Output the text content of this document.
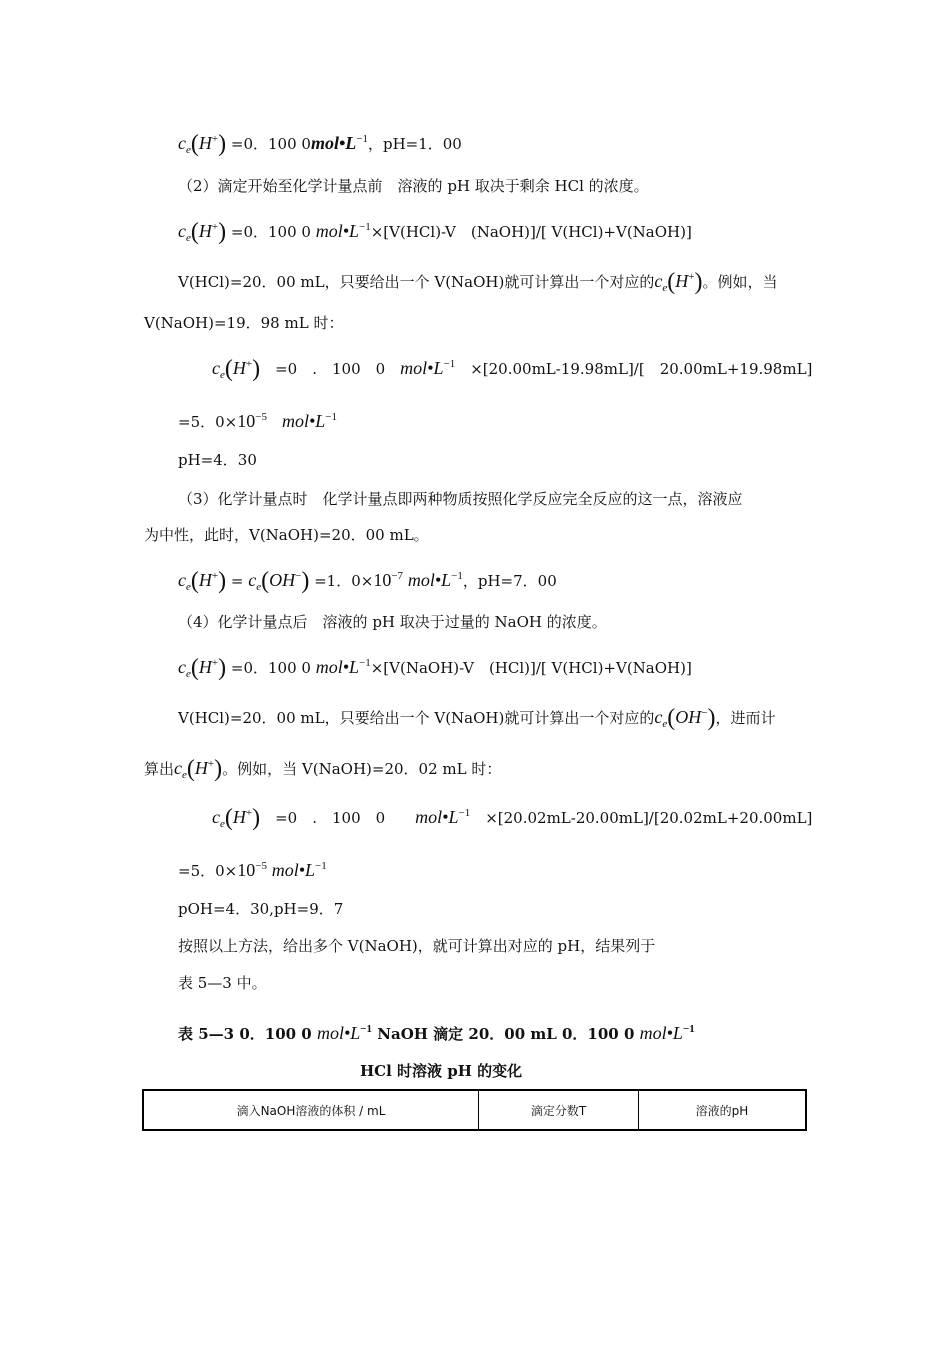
$c_e(H^+) =0$．100 $0mol•L^{-1}$，pH=1．00
（2）滴定开始至化学计量点前　溶液的 pH 取决于剩余 HCl 的浓度。
$c_e(H^+) =0$．100 0 $mol•L^{-1}\times[V(HCl)-V$　(NaOH)]/[ V(HCl)+V(NaOH)]
V(HCl)=20．00 mL，只要给出一个 V(NaOH)就可计算出一个对应的$c_e(H^+)$。例如，当
V(NaOH)=19．98 mL 时：
$c_e(H^+)$　=0　.　100　0　$mol•L^{-1}$　×[20.00mL-19.98mL]/[　20.00mL+19.98mL]
=5．$0\times 10^{-5}$　 $mol•L^{-1}$
pH=4．30
（3）化学计量点时　化学计量点即两种物质按照化学反应完全反应的这一点，溶液应
为中性，此时，V(NaOH)=20．00 mL。
$c_e(H^+) = c_e(OH^-) =1$．$0\times 10^{-7}$ $mol•L^{-1}$，pH=7．00
（4）化学计量点后　溶液的 pH 取决于过量的 NaOH 的浓度。
$c_e(H^+) =0$．100 0 $mol•L^{-1}\times[V(NaOH)-V$　(HCl)]/[ V(HCl)+V(NaOH)]
V(HCl)=20．00 mL，只要给出一个 V(NaOH)就可计算出一个对应的$c_e(OH^-)$，进而计
算出$c_e(H^+)$。例如，当 V(NaOH)=20．02 mL 时：
$c_e(H^+)$　=0　.　100　0　　$mol•L^{-1}$　×[20.02mL-20.00mL]/[20.02mL+20.00mL]
=5．$0\times 10^{-5}$ $mol•L^{-1}$
pOH=4．30,pH=9．7
按照以上方法，给出多个 V(NaOH)，就可计算出对应的 pH，结果列于
表 5—3 中。
表 5—3 0．100 0 $mol•L^{-1}$ NaOH 滴定 20．00 mL 0．100 0 $mol•L^{-1}$
HCl 时溶液 pH 的变化
滴入NaOH溶液的体积 / mL	滴定分数T	溶液的pH
